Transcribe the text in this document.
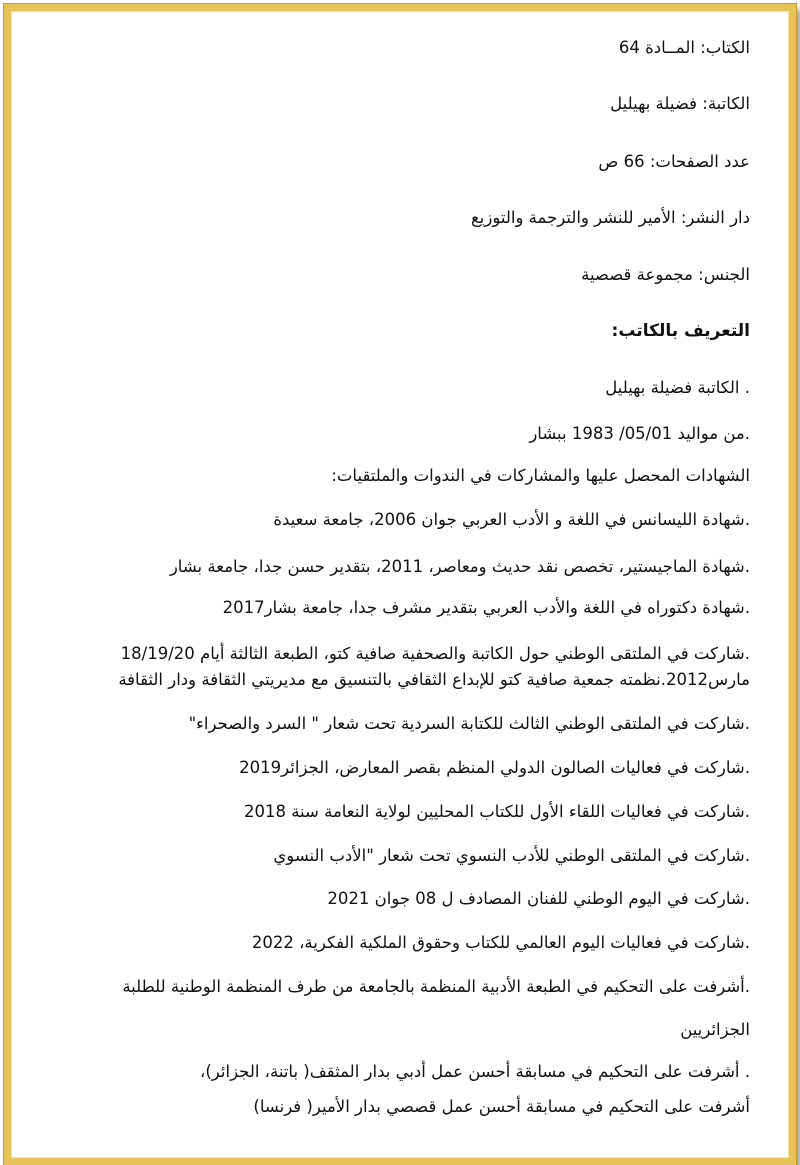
الكتاب: المــادة 64
الكاتبة: فضيلة بهيليل
عدد الصفحات: 66 ص
دار النشر: الأمير للنشر والترجمة والتوزيع
الجنس: مجموعة قصصية
التعريف بالكاتب:
. الكاتبة فضيلة بهيليل
.من مواليد 05/01/ 1983 ببشار
الشهادات المحصل عليها والمشاركات في الندوات والملتقيات:
.شهادة الليسانس في اللغة و الأدب العربي جوان 2006، جامعة سعيدة
.شهادة الماجيستير، تخصص نقد حديث ومعاصر، 2011، بتقدير حسن جدا، جامعة بشار
.شهادة دكتوراه في اللغة والأدب العربي بتقدير مشرف جدا، جامعة بشار2017
.شاركت في الملتقى الوطني حول الكاتبة والصحفية صافية كتو، الطبعة الثالثة أيام 18/19/20
مارس2012.نظمته جمعية صافية كتو للإبداع الثقافي بالتنسيق مع مديريتي الثقافة ودار الثقافة
.شاركت في الملتقى الوطني الثالث للكتابة السردية تحت شعار " السرد والصحراء"
.شاركت في فعاليات الصالون الدولي المنظم بقصر المعارض، الجزائر2019
.شاركت في فعاليات اللقاء الأول للكتاب المحليين لولاية النعامة سنة 2018
.شاركت في الملتقى الوطني للأدب النسوي تحت شعار "الأدب النسوي
.شاركت في اليوم الوطني للفنان المصادف ل 08 جوان 2021
.شاركت في فعاليات اليوم العالمي للكتاب وحقوق الملكية الفكرية، 2022
.أشرفت على التحكيم في الطبعة الأدبية المنظمة بالجامعة من طرف المنظمة الوطنية للطلبة
الجزائريين
. أشرفت على التحكيم في مسابقة أحسن عمل أدبي بدار المثقف( باتنة، الجزائر)،
أشرفت على التحكيم في مسابقة أحسن عمل قصصي بدار الأمير( فرنسا)
